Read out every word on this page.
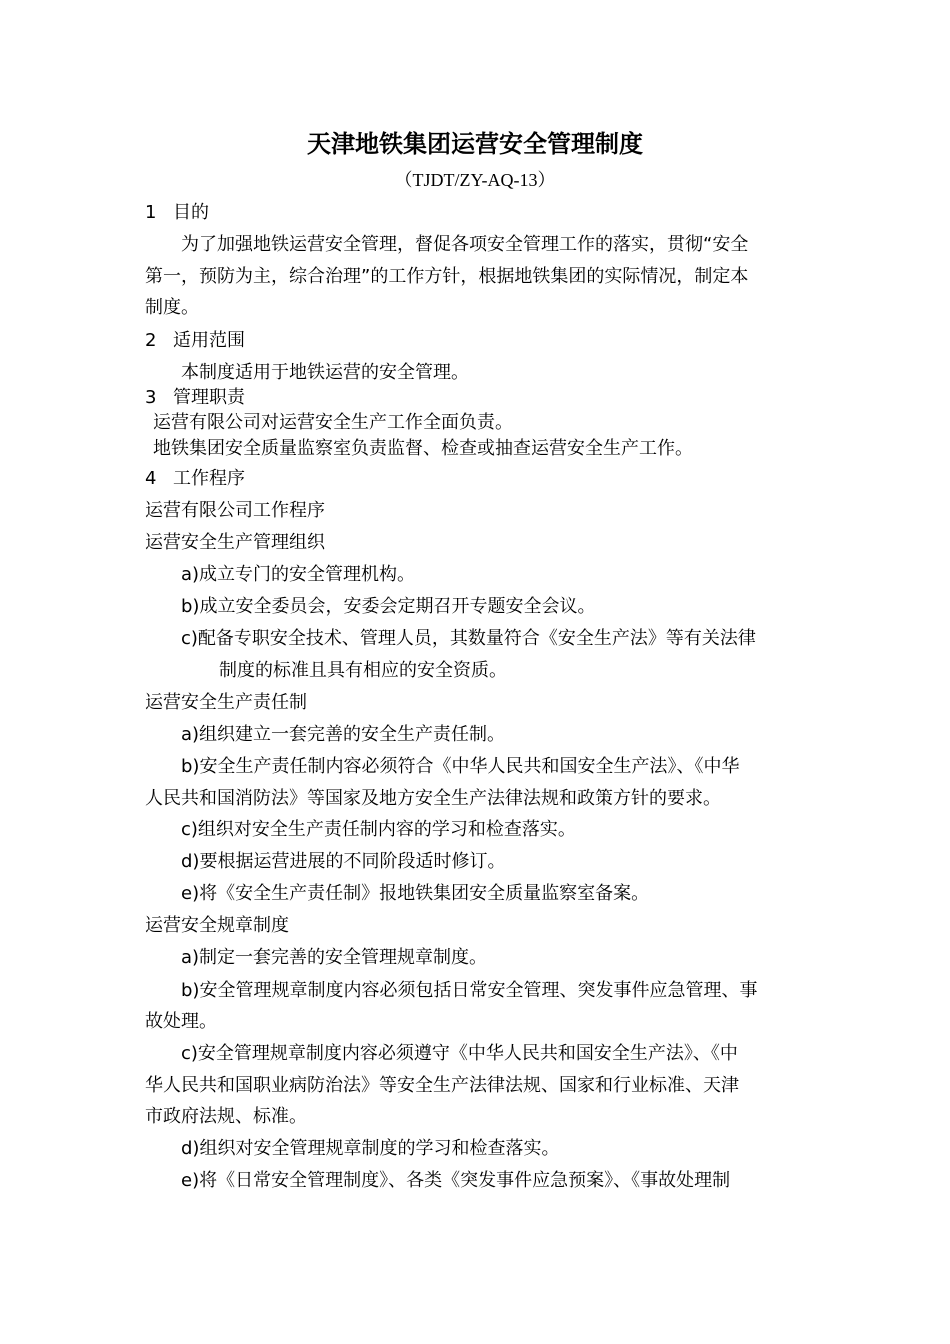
天津地铁集团运营安全管理制度
（TJDT/ZY-AQ-13）
1 目的
为了加强地铁运营安全管理，督促各项安全管理工作的落实，贯彻“安全
第一，预防为主，综合治理”的工作方针，根据地铁集团的实际情况，制定本
制度。
2 适用范围
本制度适用于地铁运营的安全管理。
3 管理职责
运营有限公司对运营安全生产工作全面负责。
地铁集团安全质量监察室负责监督、检查或抽查运营安全生产工作。
4 工作程序
运营有限公司工作程序
运营安全生产管理组织
a)成立专门的安全管理机构。
b)成立安全委员会，安委会定期召开专题安全会议。
c)配备专职安全技术、管理人员，其数量符合《安全生产法》等有关法律
制度的标准且具有相应的安全资质。
运营安全生产责任制
a)组织建立一套完善的安全生产责任制。
b)安全生产责任制内容必须符合《中华人民共和国安全生产法》、《中华
人民共和国消防法》等国家及地方安全生产法律法规和政策方针的要求。
c)组织对安全生产责任制内容的学习和检查落实。
d)要根据运营进展的不同阶段适时修订。
e)将《安全生产责任制》报地铁集团安全质量监察室备案。
运营安全规章制度
a)制定一套完善的安全管理规章制度。
b)安全管理规章制度内容必须包括日常安全管理、突发事件应急管理、事
故处理。
c)安全管理规章制度内容必须遵守《中华人民共和国安全生产法》、《中
华人民共和国职业病防治法》等安全生产法律法规、国家和行业标准、天津
市政府法规、标准。
d)组织对安全管理规章制度的学习和检查落实。
e)将《日常安全管理制度》、各类《突发事件应急预案》、《事故处理制
